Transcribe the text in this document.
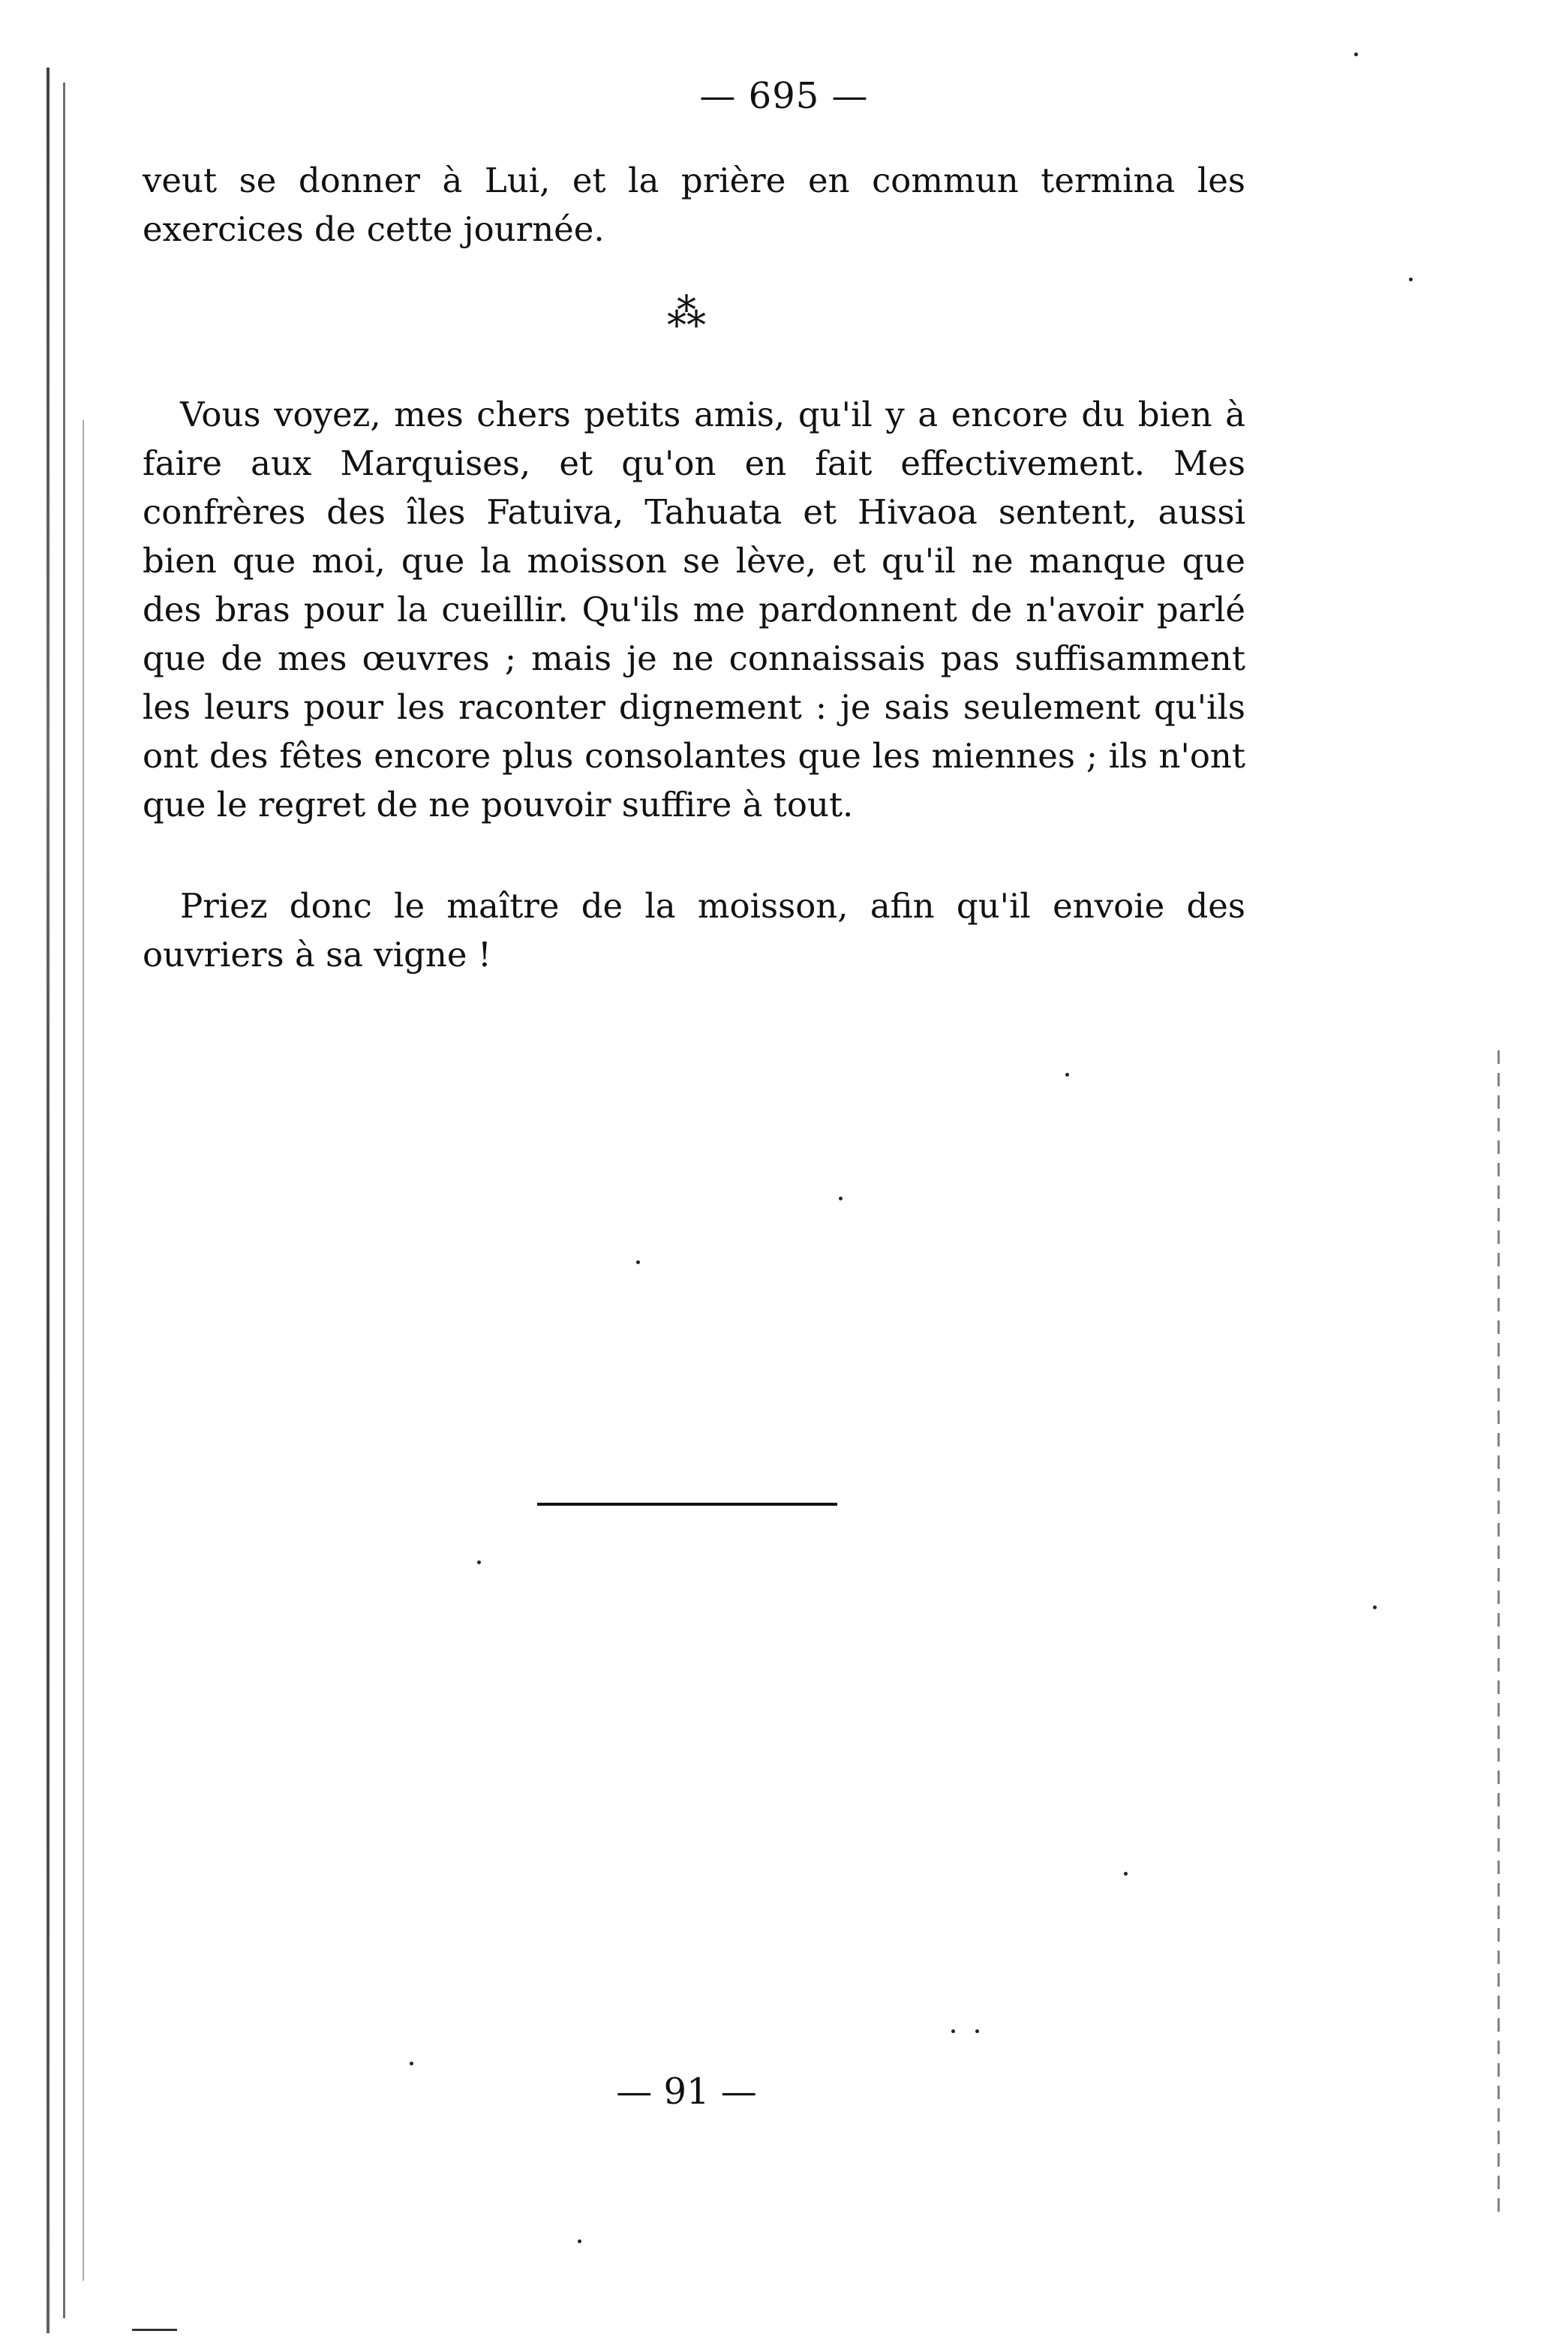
— 695 —
veut se donner à Lui, et la prière en commun termina les exercices de cette journée.
⁂
Vous voyez, mes chers petits amis, qu'il y a encore du bien à faire aux Marquises, et qu'on en fait effectivement. Mes confrères des îles Fatuiva, Tahuata et Hivaoa sentent, aussi bien que moi, que la moisson se lève, et qu'il ne manque que des bras pour la cueillir. Qu'ils me pardonnent de n'avoir parlé que de mes œuvres ; mais je ne connaissais pas suffisamment les leurs pour les raconter dignement : je sais seulement qu'ils ont des fêtes encore plus consolantes que les miennes ; ils n'ont que le regret de ne pouvoir suffire à tout.
Priez donc le maître de la moisson, afin qu'il envoie des ouvriers à sa vigne !
— 91 —
